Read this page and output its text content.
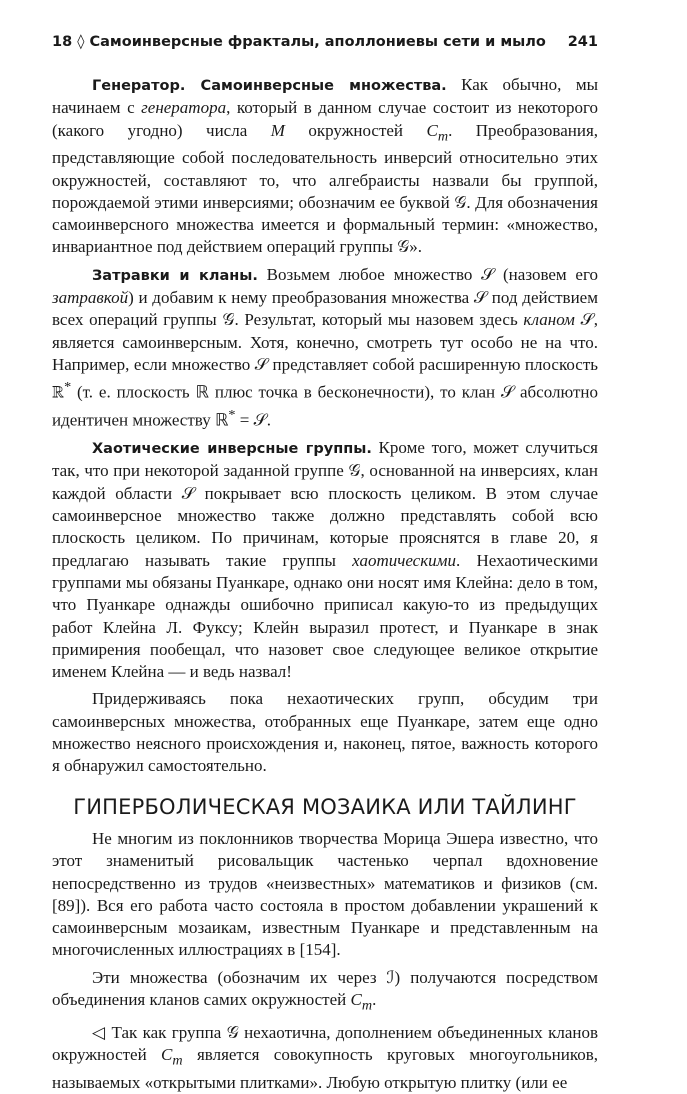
18 ◊ Самоинверсные фракталы, аполлониевы сети и мыло 241

Генератор. Самоинверсные множества. Как обычно, мы начинаем с генератора, который в данном случае состоит из некоторого (какого угодно) числа M окружностей $C_m$. Преобразования, представляющие собой последовательность инверсий относительно этих окружностей, составляют то, что алгебраисты назвали бы группой, порождаемой этими инверсиями; обозначим ее буквой 𝒢. Для обозначения самоинверсного множества имеется и формальный термин: «множество, инвариантное под действием операций группы 𝒢».

Затравки и кланы. Возьмем любое множество 𝒮 (назовем его затравкой) и добавим к нему преобразования множества 𝒮 под действием всех операций группы 𝒢. Результат, который мы назовем здесь кланом 𝒮, является самоинверсным. Хотя, конечно, смотреть тут особо не на что. Например, если множество 𝒮 представляет собой расширенную плоскость ℝ* (т. е. плоскость ℝ плюс точка в бесконечности), то клан 𝒮 абсолютно идентичен множеству ℝ* = 𝒮.

Хаотические инверсные группы. Кроме того, может случиться так, что при некоторой заданной группе 𝒢, основанной на инверсиях, клан каждой области 𝒮 покрывает всю плоскость целиком. В этом случае самоинверсное множество также должно представлять собой всю плоскость целиком. По причинам, которые прояснятся в главе 20, я предлагаю называть такие группы хаотическими. Нехаотическими группами мы обязаны Пуанкаре, однако они носят имя Клейна: дело в том, что Пуанкаре однажды ошибочно приписал какую-то из предыдущих работ Клейна Л. Фуксу; Клейн выразил протест, и Пуанкаре в знак примирения пообещал, что назовет свое следующее великое открытие именем Клейна — и ведь назвал!

Придерживаясь пока нехаотических групп, обсудим три самоинверсных множества, отобранных еще Пуанкаре, затем еще одно множество неясного происхождения и, наконец, пятое, важность которого я обнаружил самостоятельно.

ГИПЕРБОЛИЧЕСКАЯ МОЗАИКА ИЛИ ТАЙЛИНГ

Не многим из поклонников творчества Морица Эшера известно, что этот знаменитый рисовальщик частенько черпал вдохновение непосредственно из трудов «неизвестных» математиков и физиков (см. [89]). Вся его работа часто состояла в простом добавлении украшений к самоинверсным мозаикам, известным Пуанкаре и представленным на многочисленных иллюстрациях в [154].

Эти множества (обозначим их через ℐ) получаются посредством объединения кланов самих окружностей $C_m$.

◁ Так как группа 𝒢 нехаотична, дополнением объединенных кланов окружностей $C_m$ является совокупность круговых многоугольников, называемых «открытыми плитками». Любую открытую плитку (или ее
